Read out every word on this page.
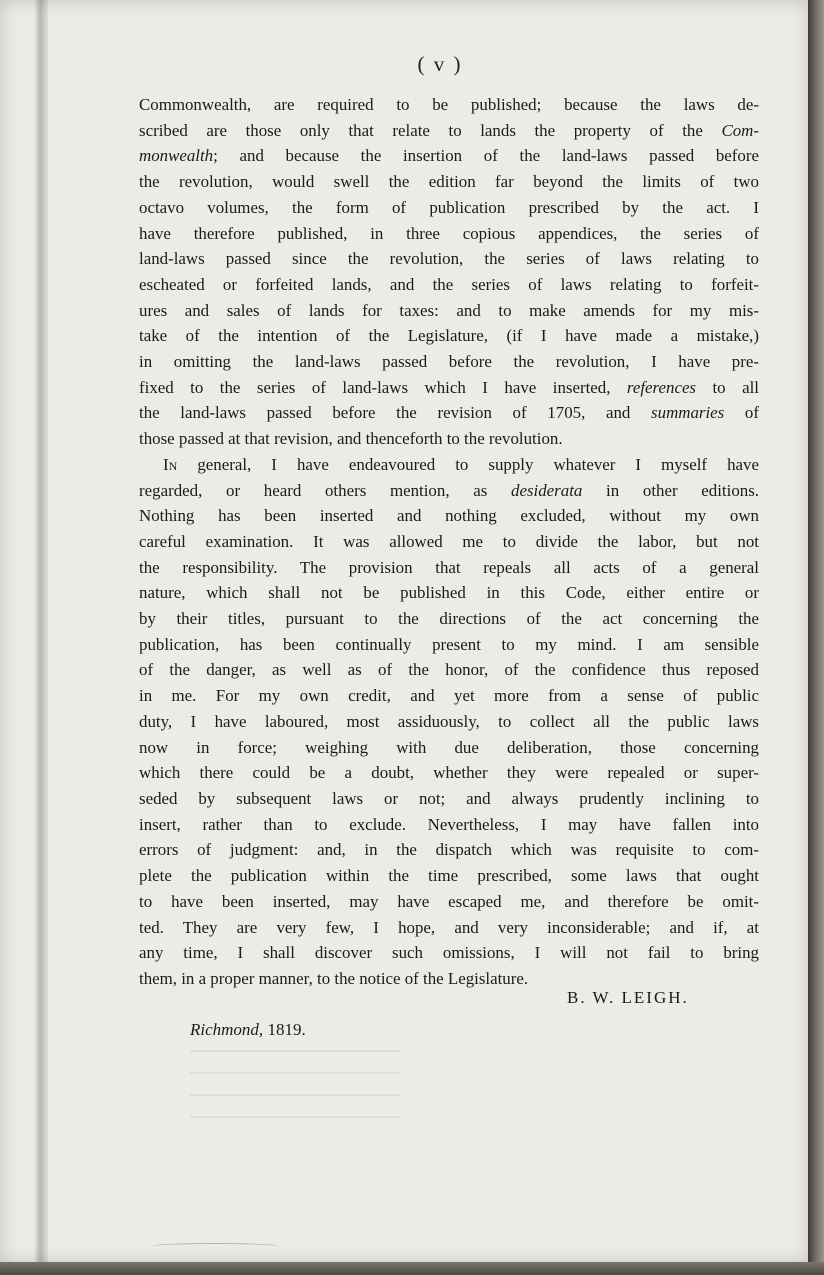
( v )
Commonwealth, are required to be published; because the laws de-
scribed are those only that relate to lands the property of the Com-
monwealth; and because the insertion of the land-laws passed before
the revolution, would swell the edition far beyond the limits of two
octavo volumes, the form of publication prescribed by the act. I
have therefore published, in three copious appendices, the series of
land-laws passed since the revolution, the series of laws relating to
escheated or forfeited lands, and the series of laws relating to forfeit-
ures and sales of lands for taxes: and to make amends for my mis-
take of the intention of the Legislature, (if I have made a mistake,)
in omitting the land-laws passed before the revolution, I have pre-
fixed to the series of land-laws which I have inserted, references to all
the land-laws passed before the revision of 1705, and summaries of
those passed at that revision, and thenceforth to the revolution.
In general, I have endeavoured to supply whatever I myself have
regarded, or heard others mention, as desiderata in other editions.
Nothing has been inserted and nothing excluded, without my own
careful examination. It was allowed me to divide the labor, but not
the responsibility. The provision that repeals all acts of a general
nature, which shall not be published in this Code, either entire or
by their titles, pursuant to the directions of the act concerning the
publication, has been continually present to my mind. I am sensible
of the danger, as well as of the honor, of the confidence thus reposed
in me. For my own credit, and yet more from a sense of public
duty, I have laboured, most assiduously, to collect all the public laws
now in force; weighing with due deliberation, those concerning
which there could be a doubt, whether they were repealed or super-
seded by subsequent laws or not; and always prudently inclining to
insert, rather than to exclude. Nevertheless, I may have fallen into
errors of judgment: and, in the dispatch which was requisite to com-
plete the publication within the time prescribed, some laws that ought
to have been inserted, may have escaped me, and therefore be omit-
ted. They are very few, I hope, and very inconsiderable; and if, at
any time, I shall discover such omissions, I will not fail to bring
them, in a proper manner, to the notice of the Legislature.
B. W. LEIGH.
Richmond, 1819.
